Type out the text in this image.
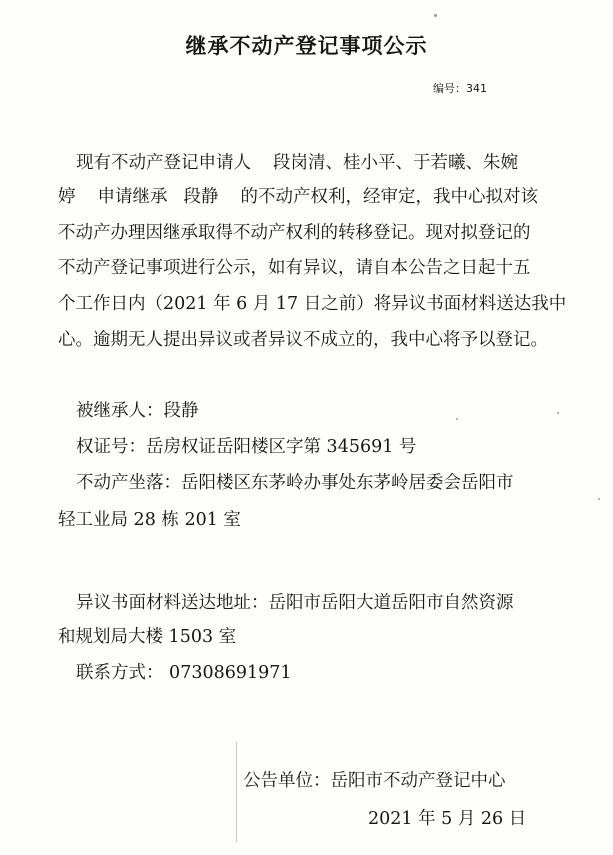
继承不动产登记事项公示
编号：341
现有不动产登记申请人 段岗清、桂小平、于若曦、朱婉
婷 申请继承 段静 的不动产权利，经审定，我中心拟对该
不动产办理因继承取得不动产权利的转移登记。现对拟登记的
不动产登记事项进行公示，如有异议，请自本公告之日起十五
个工作日内（2021 年 6 月 17 日之前）将异议书面材料送达我中
心。逾期无人提出异议或者异议不成立的，我中心将予以登记。
被继承人：段静
权证号：岳房权证岳阳楼区字第 345691 号
不动产坐落：岳阳楼区东茅岭办事处东茅岭居委会岳阳市
轻工业局 28 栋 201 室
异议书面材料送达地址：岳阳市岳阳大道岳阳市自然资源
和规划局大楼 1503 室
联系方式： 07308691971
公告单位：岳阳市不动产登记中心
2021 年 5 月 26 日
